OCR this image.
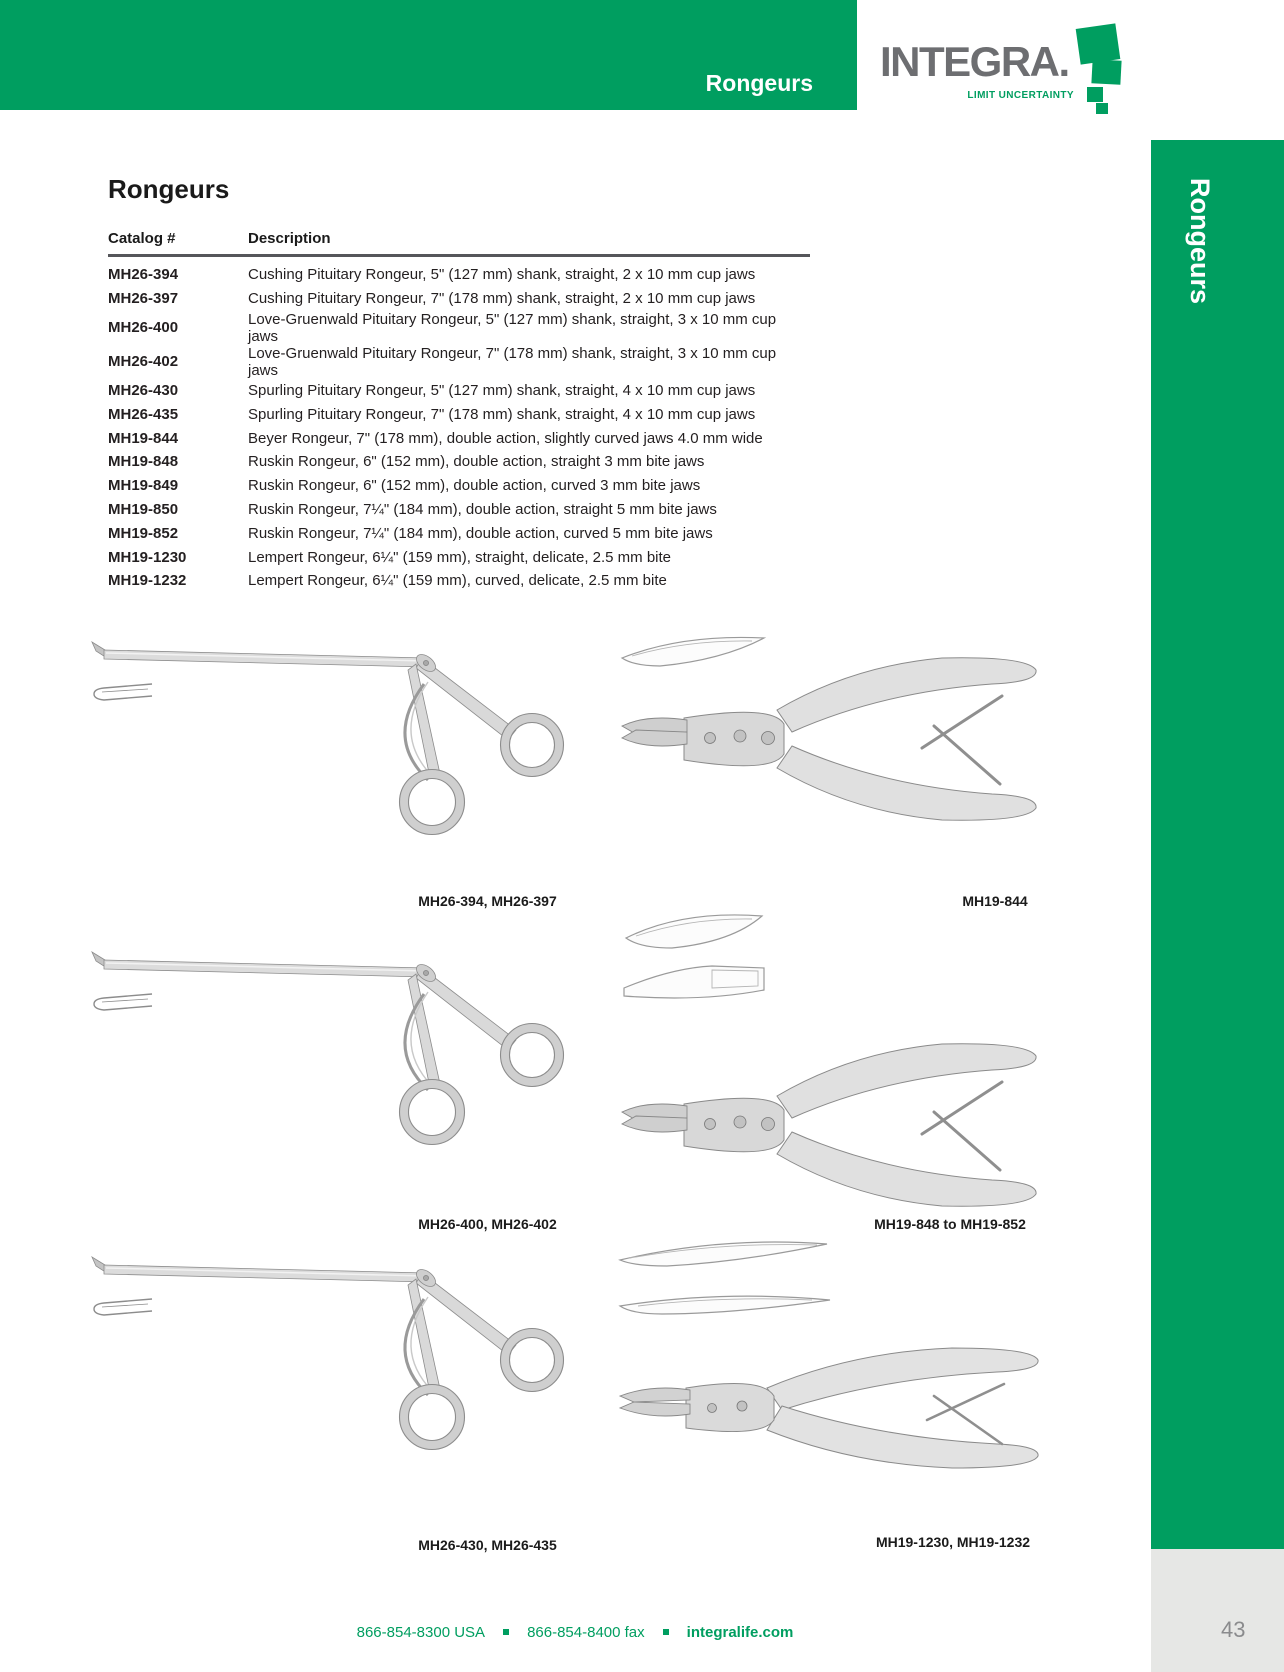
Rongeurs INTEGRA.
LIMIT UNCERTAINTY
Rongeurs
43
Rongeurs
Catalog #	Description
MH26-394	Cushing Pituitary Rongeur, 5" (127 mm) shank, straight, 2 x 10 mm cup jaws
MH26-397	Cushing Pituitary Rongeur, 7" (178 mm) shank, straight, 2 x 10 mm cup jaws
MH26-400	Love-Gruenwald Pituitary Rongeur, 5" (127 mm) shank, straight, 3 x 10 mm cup jaws
MH26-402	Love-Gruenwald Pituitary Rongeur, 7" (178 mm) shank, straight, 3 x 10 mm cup jaws
MH26-430	Spurling Pituitary Rongeur, 5" (127 mm) shank, straight, 4 x 10 mm cup jaws
MH26-435	Spurling Pituitary Rongeur, 7" (178 mm) shank, straight, 4 x 10 mm cup jaws
MH19-844	Beyer Rongeur, 7" (178 mm), double action, slightly curved jaws 4.0 mm wide
MH19-848	Ruskin Rongeur, 6" (152 mm), double action, straight 3 mm bite jaws
MH19-849	Ruskin Rongeur, 6" (152 mm), double action, curved 3 mm bite jaws
MH19-850	Ruskin Rongeur, 7¼" (184 mm), double action, straight 5 mm bite jaws
MH19-852	Ruskin Rongeur, 7¼" (184 mm), double action, curved 5 mm bite jaws
MH19-1230	Lempert Rongeur, 6¼" (159 mm), straight, delicate, 2.5 mm bite
MH19-1232	Lempert Rongeur, 6¼" (159 mm), curved, delicate, 2.5 mm bite
MH26-394, MH26-397	MH19-844
MH26-400, MH26-402	MH19-848 to MH19-852
MH26-430, MH26-435	MH19-1230, MH19-1232
866-854-8300 USA	866-854-8400 fax	integralife.com
